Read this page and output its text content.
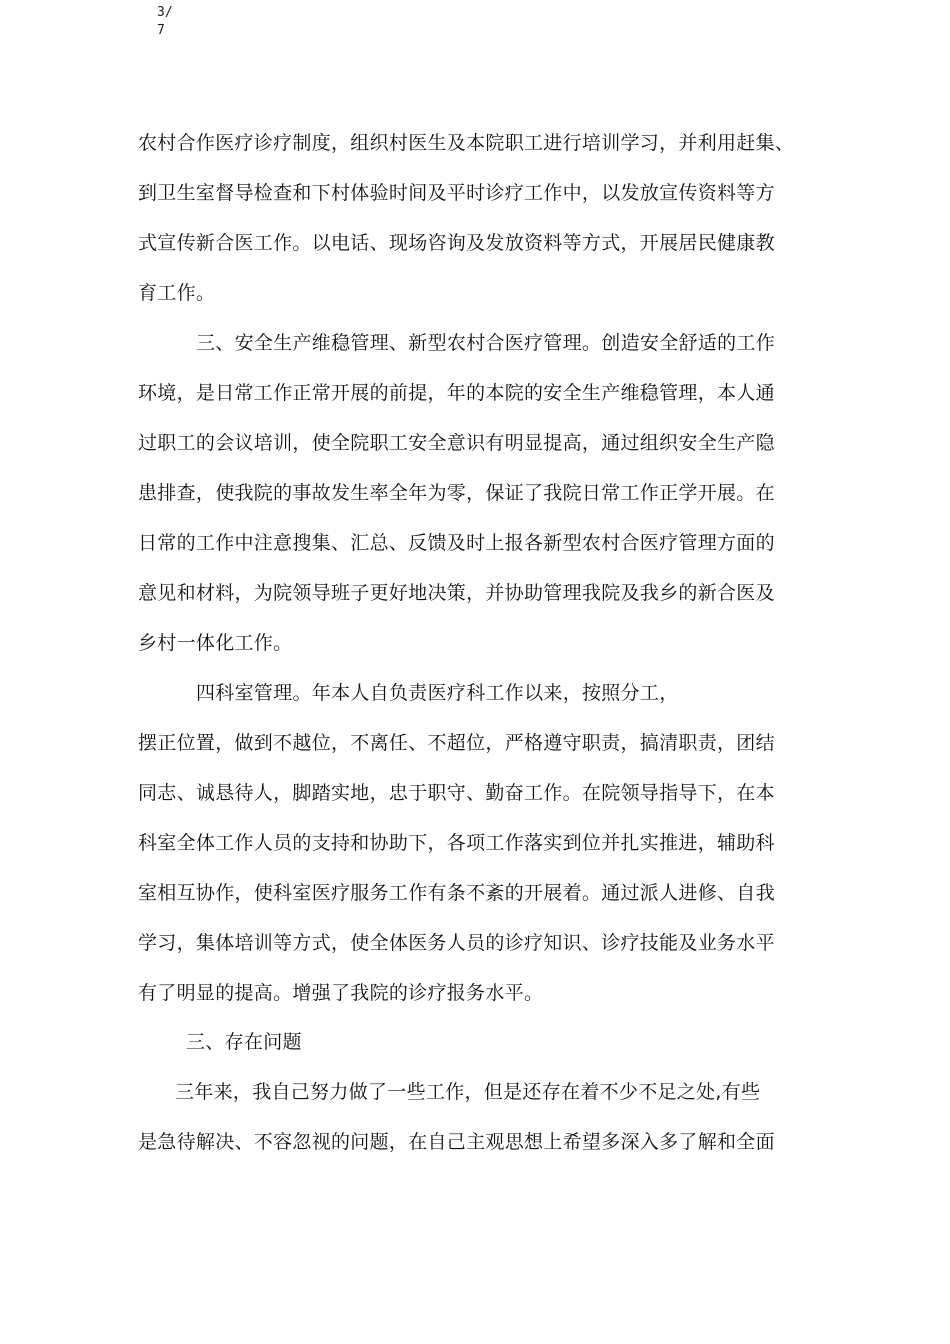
3/
7
农村合作医疗诊疗制度，组织村医生及本院职工进行培训学习，并利用赶集、
到卫生室督导检查和下村体验时间及平时诊疗工作中，以发放宣传资料等方
式宣传新合医工作。以电话、现场咨询及发放资料等方式，开展居民健康教
育工作。
三、安全生产维稳管理、新型农村合医疗管理。创造安全舒适的工作
环境，是日常工作正常开展的前提，年的本院的安全生产维稳管理，本人通
过职工的会议培训，使全院职工安全意识有明显提高，通过组织安全生产隐
患排查，使我院的事故发生率全年为零，保证了我院日常工作正学开展。在
日常的工作中注意搜集、汇总、反馈及时上报各新型农村合医疗管理方面的
意见和材料，为院领导班子更好地决策，并协助管理我院及我乡的新合医及
乡村一体化工作。
四科室管理。年本人自负责医疗科工作以来，按照分工，
摆正位置，做到不越位，不离任、不超位，严格遵守职责，搞清职责，团结
同志、诚恳待人，脚踏实地，忠于职守、勤奋工作。在院领导指导下，在本
科室全体工作人员的支持和协助下，各项工作落实到位并扎实推进，辅助科
室相互协作，使科室医疗服务工作有条不紊的开展着。通过派人进修、自我
学习，集体培训等方式，使全体医务人员的诊疗知识、诊疗技能及业务水平
有了明显的提高。增强了我院的诊疗报务水平。
三、存在问题
三年来，我自己努力做了一些工作，但是还存在着不少不足之处,有些
是急待解决、不容忽视的问题，在自己主观思想上希望多深入多了解和全面
